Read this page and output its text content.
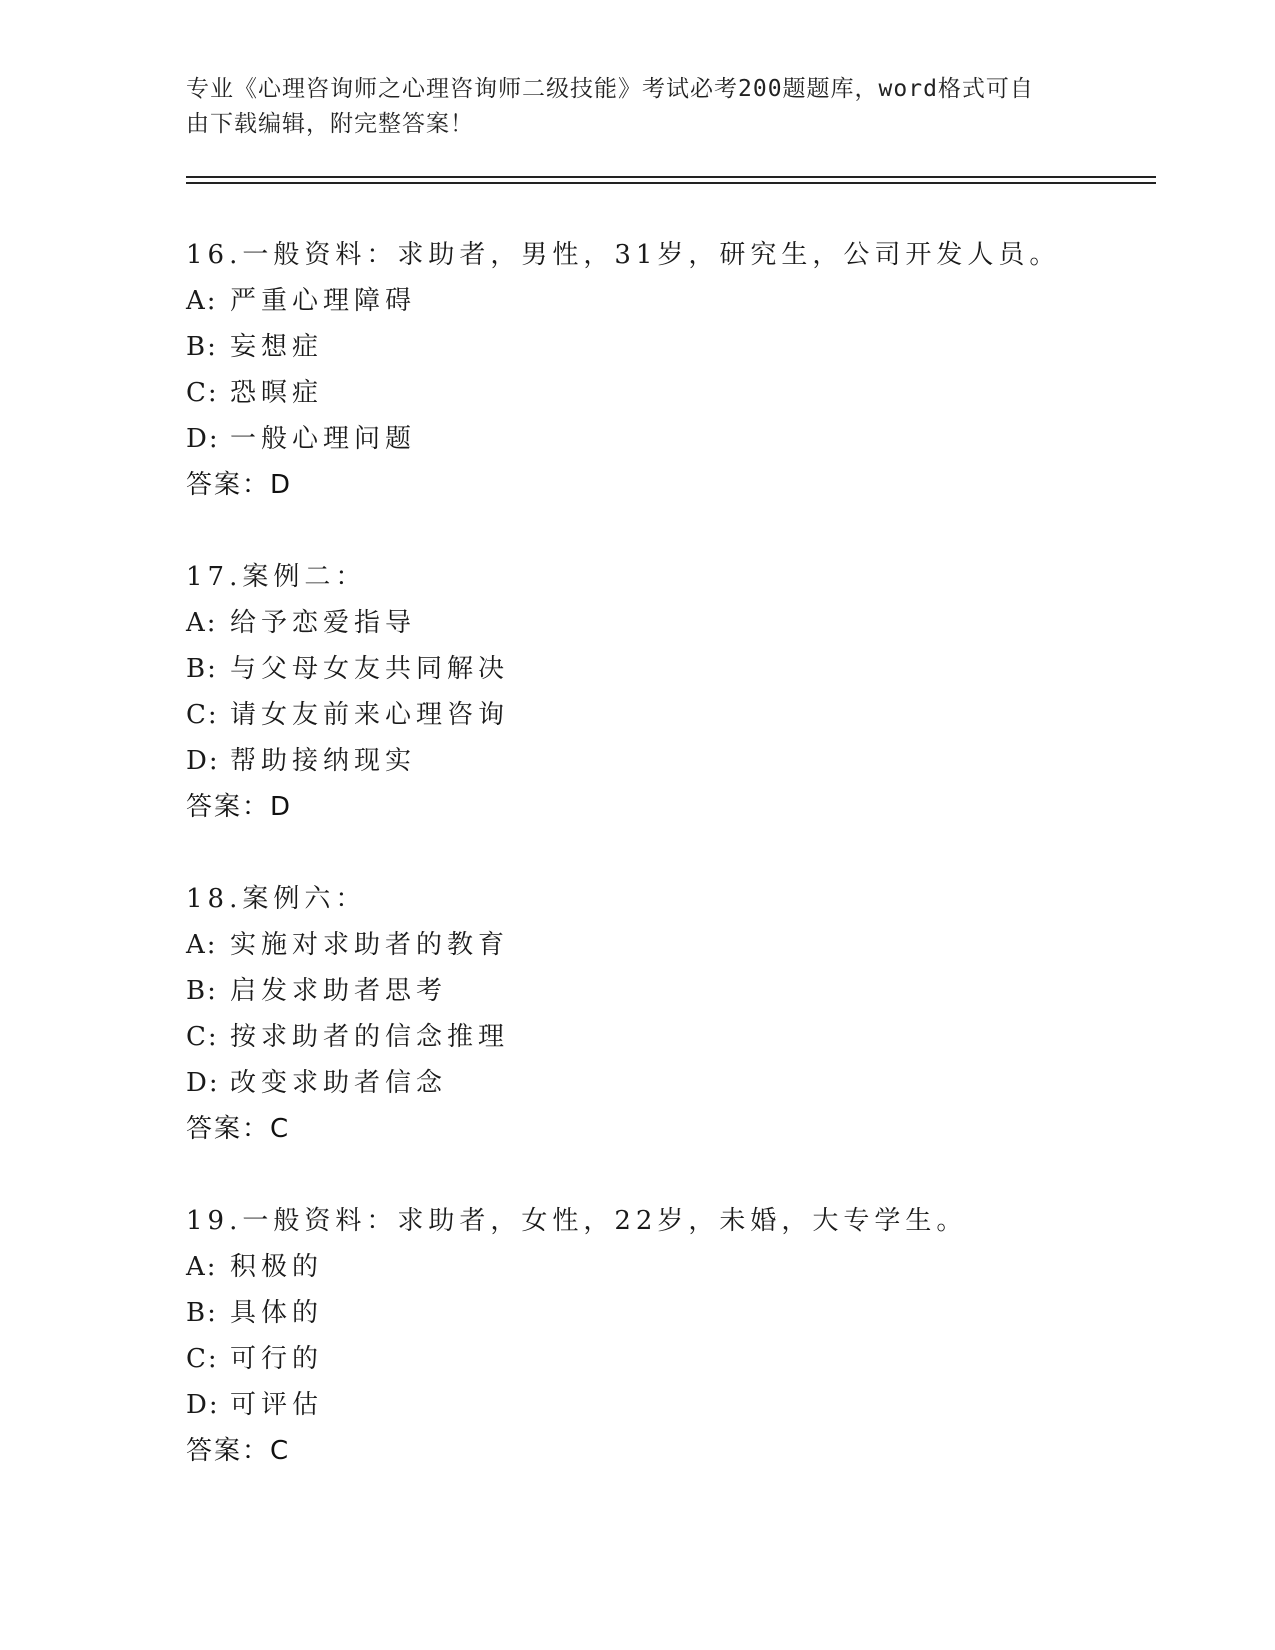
专业《心理咨询师之心理咨询师二级技能》考试必考200题题库，word格式可自
由下载编辑，附完整答案！
16.一般资料：求助者，男性，31岁，研究生，公司开发人员。
A: 严重心理障碍
B: 妄想症
C: 恐暝症
D: 一般心理问题
答案：D
17.案例二：
A: 给予恋爱指导
B: 与父母女友共同解决
C: 请女友前来心理咨询
D: 帮助接纳现实
答案：D
18.案例六：
A: 实施对求助者的教育
B: 启发求助者思考
C: 按求助者的信念推理
D: 改变求助者信念
答案：C
19.一般资料：求助者，女性，22岁，未婚，大专学生。
A: 积极的
B: 具体的
C: 可行的
D: 可评估
答案：C
